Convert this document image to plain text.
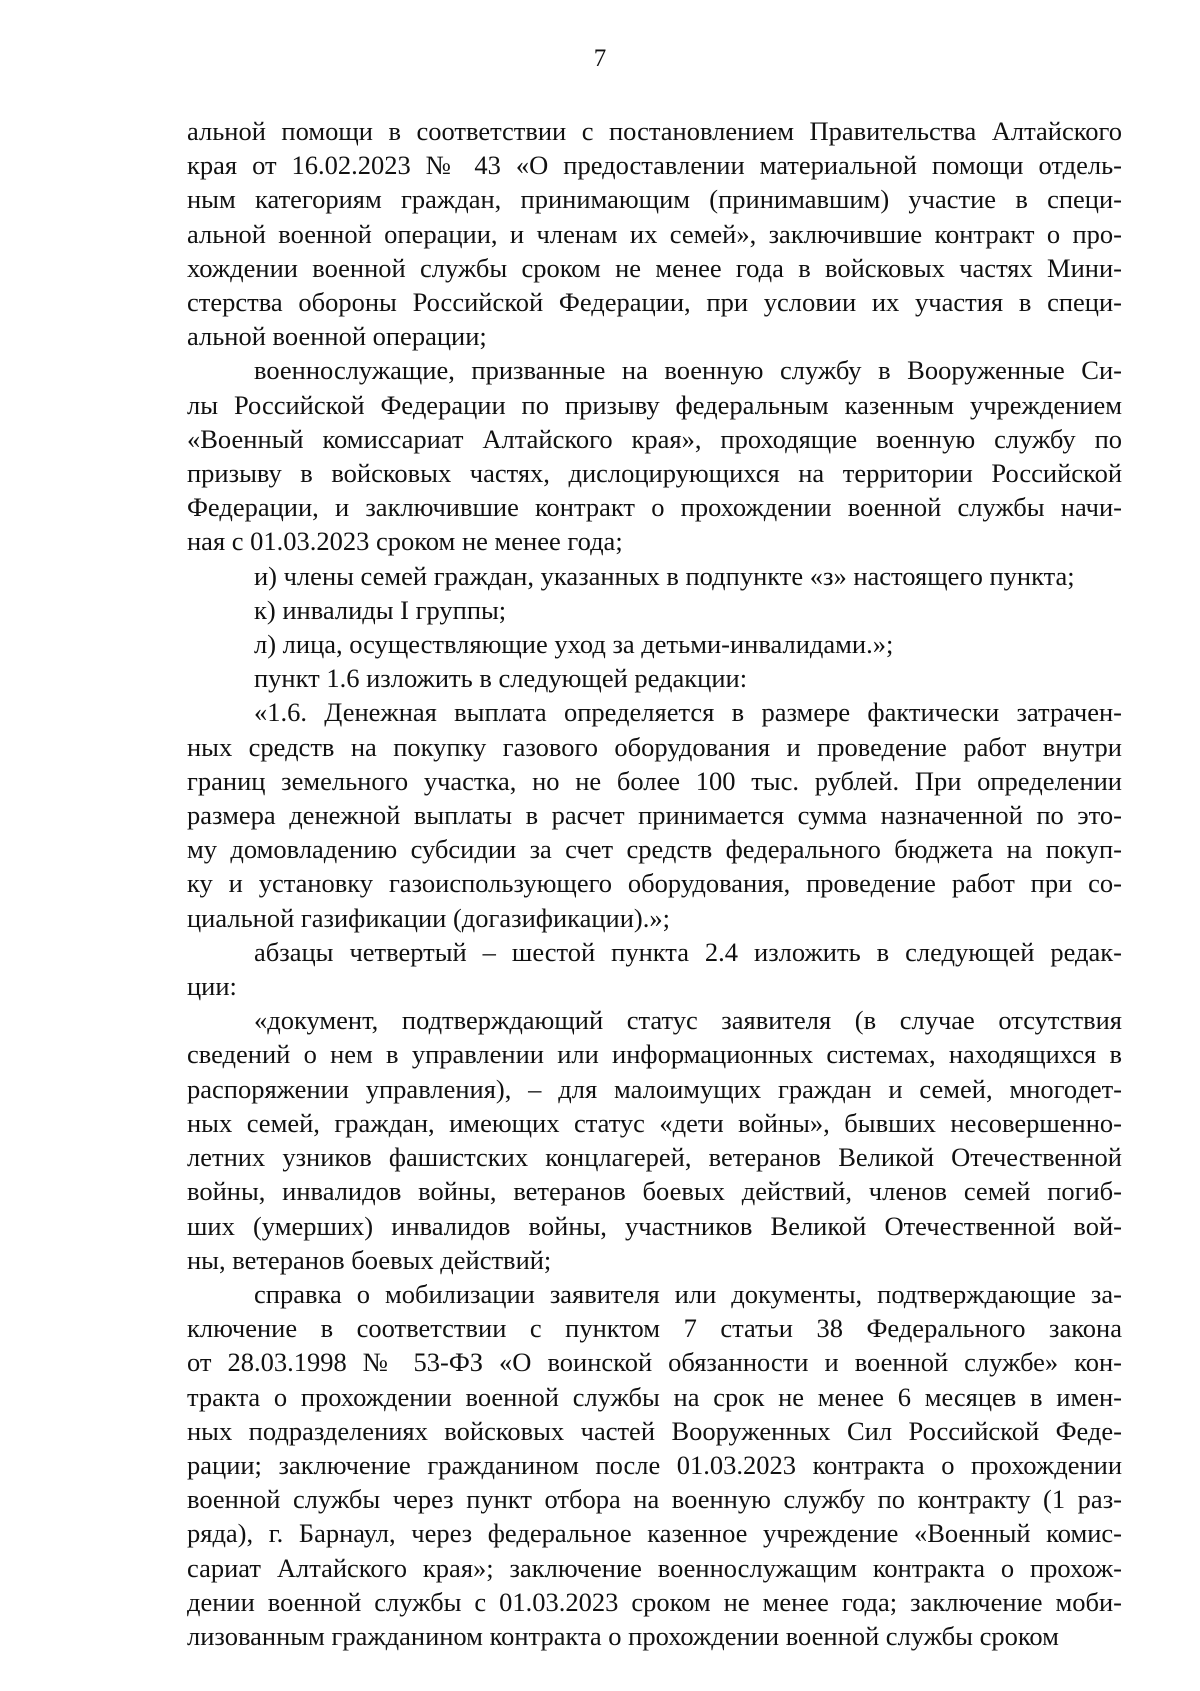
7
альной помощи в соответствии с постановлением Правительства Алтайского
края от 16.02.2023 № 43 «О предоставлении материальной помощи отдель-
ным категориям граждан, принимающим (принимавшим) участие в специ-
альной военной операции, и членам их семей», заключившие контракт о про-
хождении военной службы сроком не менее года в войсковых частях Мини-
стерства обороны Российской Федерации, при условии их участия в специ-
альной военной операции;
военнослужащие, призванные на военную службу в Вооруженные Си-
лы Российской Федерации по призыву федеральным казенным учреждением
«Военный комиссариат Алтайского края», проходящие военную службу по
призыву в войсковых частях, дислоцирующихся на территории Российской
Федерации, и заключившие контракт о прохождении военной службы начи-
ная с 01.03.2023 сроком не менее года;
и) члены семей граждан, указанных в подпункте «з» настоящего пункта;
к) инвалиды I группы;
л) лица, осуществляющие уход за детьми-инвалидами.»;
пункт 1.6 изложить в следующей редакции:
«1.6. Денежная выплата определяется в размере фактически затрачен-
ных средств на покупку газового оборудования и проведение работ внутри
границ земельного участка, но не более 100 тыс. рублей. При определении
размера денежной выплаты в расчет принимается сумма назначенной по это-
му домовладению субсидии за счет средств федерального бюджета на покуп-
ку и установку газоиспользующего оборудования, проведение работ при со-
циальной газификации (догазификации).»;
абзацы четвертый – шестой пункта 2.4 изложить в следующей редак-
ции:
«документ, подтверждающий статус заявителя (в случае отсутствия
сведений о нем в управлении или информационных системах, находящихся в
распоряжении управления), – для малоимущих граждан и семей, многодет-
ных семей, граждан, имеющих статус «дети войны», бывших несовершенно-
летних узников фашистских концлагерей, ветеранов Великой Отечественной
войны, инвалидов войны, ветеранов боевых действий, членов семей погиб-
ших (умерших) инвалидов войны, участников Великой Отечественной вой-
ны, ветеранов боевых действий;
справка о мобилизации заявителя или документы, подтверждающие за-
ключение в соответствии с пунктом 7 статьи 38 Федерального закона
от 28.03.1998 № 53-ФЗ «О воинской обязанности и военной службе» кон-
тракта о прохождении военной службы на срок не менее 6 месяцев в имен-
ных подразделениях войсковых частей Вооруженных Сил Российской Феде-
рации; заключение гражданином после 01.03.2023 контракта о прохождении
военной службы через пункт отбора на военную службу по контракту (1 раз-
ряда), г. Барнаул, через федеральное казенное учреждение «Военный комис-
сариат Алтайского края»; заключение военнослужащим контракта о прохож-
дении военной службы с 01.03.2023 сроком не менее года; заключение моби-
лизованным гражданином контракта о прохождении военной службы сроком
